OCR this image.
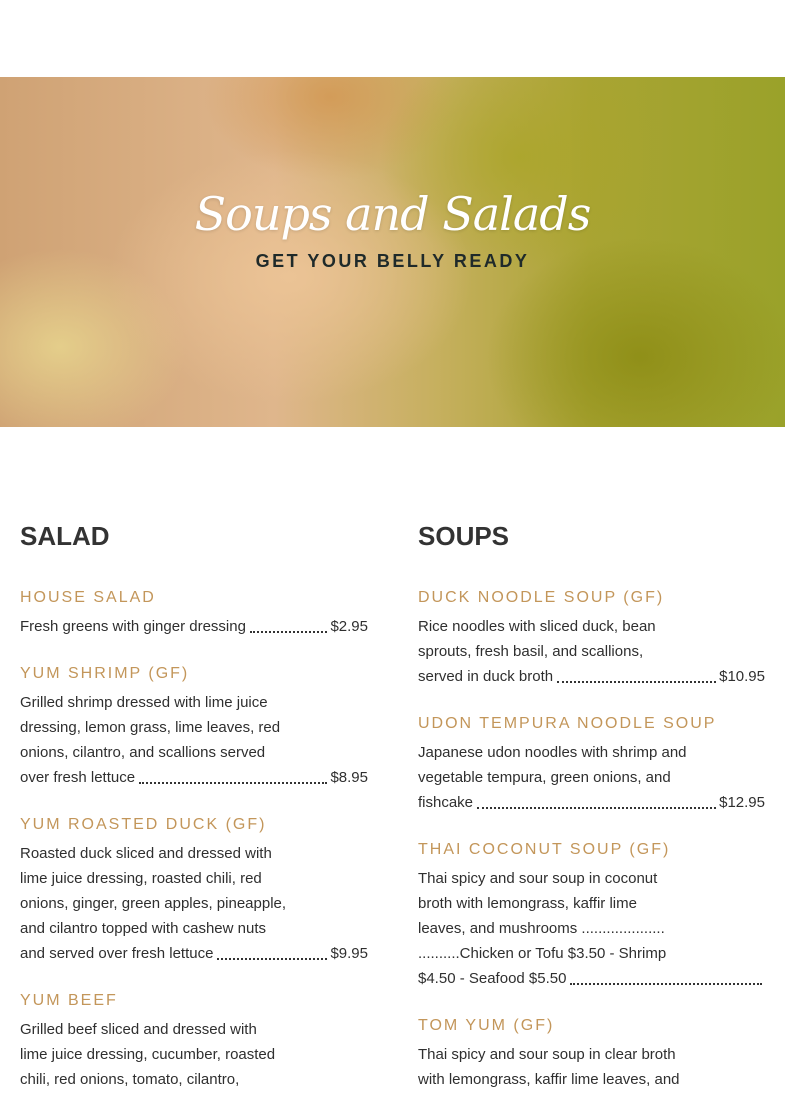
Soups and Salads
GET YOUR BELLY READY
SALAD
HOUSE SALAD
Fresh greens with ginger dressing	$2.95
YUM SHRIMP (GF)
Grilled shrimp dressed with lime juice
dressing, lemon grass, lime leaves, red
onions, cilantro, and scallions served
over fresh lettuce	$8.95
YUM ROASTED DUCK (GF)
Roasted duck sliced and dressed with
lime juice dressing, roasted chili, red
onions, ginger, green apples, pineapple,
and cilantro topped with cashew nuts
and served over fresh lettuce	$9.95
YUM BEEF
Grilled beef sliced and dressed with
lime juice dressing, cucumber, roasted
chili, red onions, tomato, cilantro,
SOUPS
DUCK NOODLE SOUP (GF)
Rice noodles with sliced duck, bean
sprouts, fresh basil, and scallions,
served in duck broth	$10.95
UDON TEMPURA NOODLE SOUP
Japanese udon noodles with shrimp and
vegetable tempura, green onions, and
fishcake	$12.95
THAI COCONUT SOUP (GF)
Thai spicy and sour soup in coconut
broth with lemongrass, kaffir lime
leaves, and mushrooms ....................
..........Chicken or Tofu $3.50 - Shrimp
$4.50 - Seafood $5.50
TOM YUM (GF)
Thai spicy and sour soup in clear broth
with lemongrass, kaffir lime leaves, and
